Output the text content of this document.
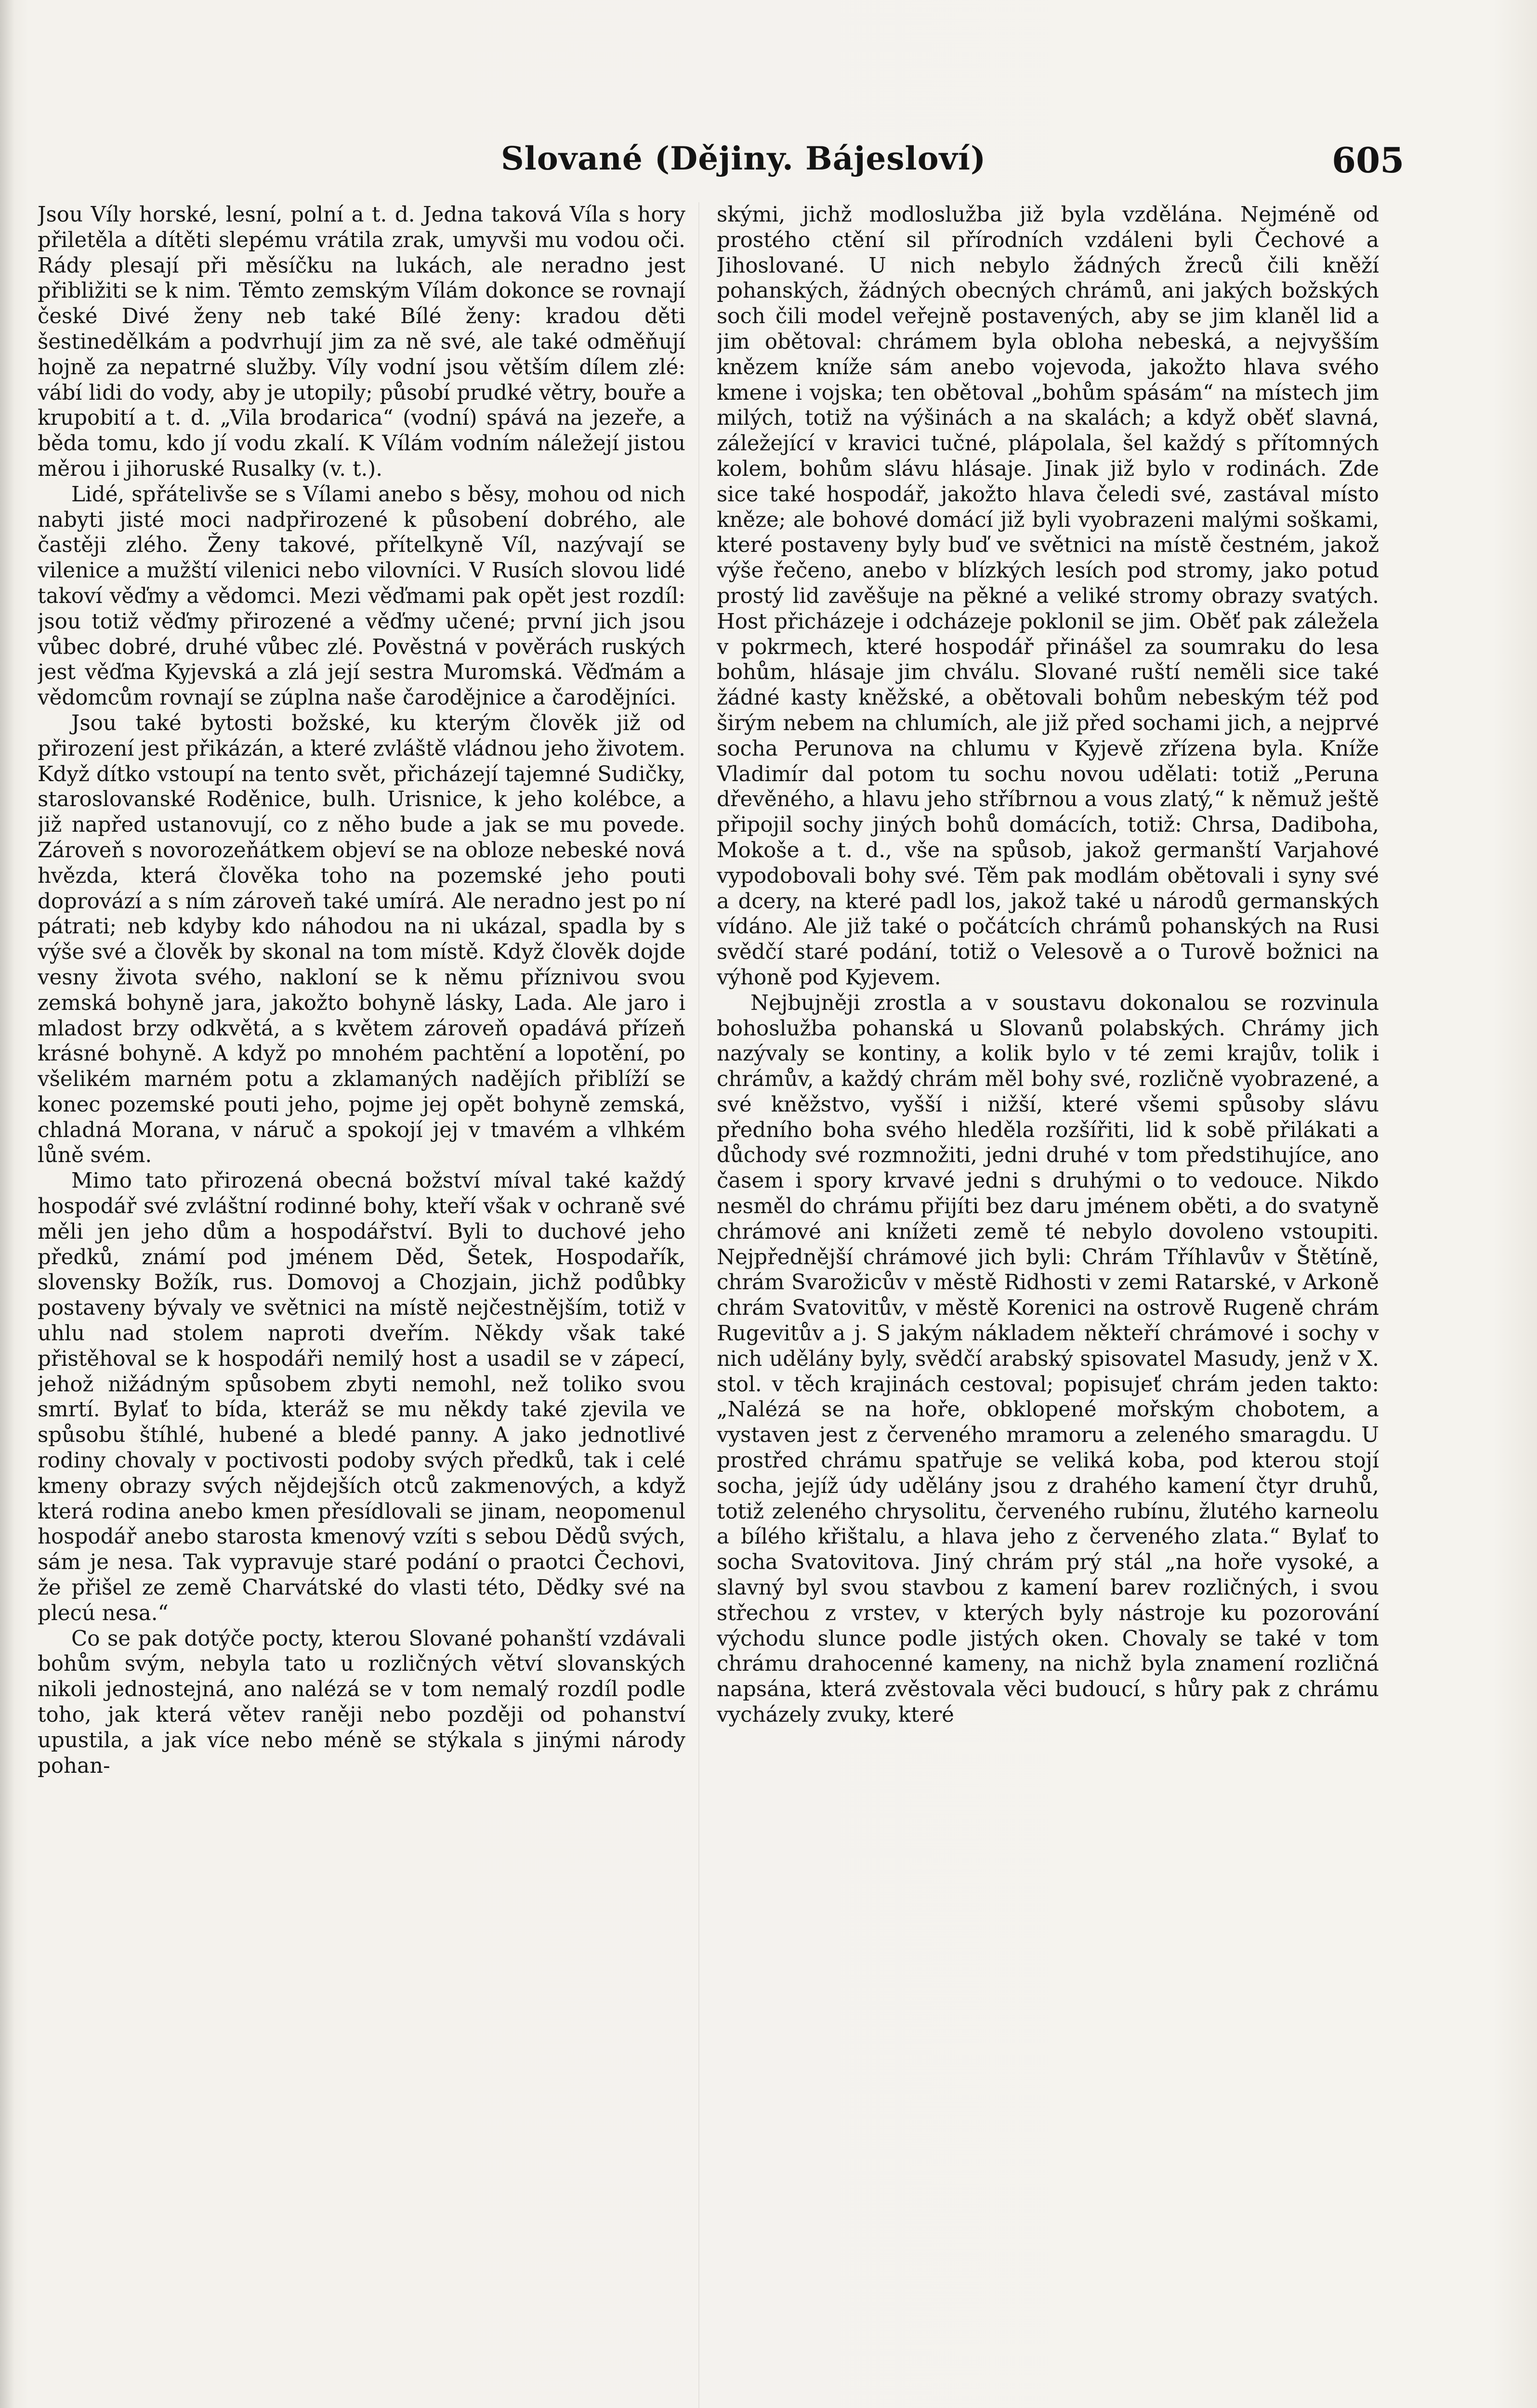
Slované (Dějiny. Bájesloví)	605

Jsou Víly horské, lesní, polní a t. d. Jedna taková Víla s hory přiletěla a dítěti slepému vrátila zrak, umyvši mu vodou oči. Rády plesají při měsíčku na lukách, ale neradno jest přibližiti se k nim. Těmto zemským Vílám dokonce se rovnají české Divé ženy neb také Bílé ženy: kradou děti šestinedělkám a podvrhují jim za ně své, ale také odměňují hojně za nepatrné služby. Víly vodní jsou větším dílem zlé: vábí lidi do vody, aby je utopily; působí prudké větry, bouře a krupobití a t. d. „Vila brodarica“ (vodní) spává na jezeře, a běda tomu, kdo jí vodu zkalí. K Vílám vodním náležejí jistou měrou i jihoruské Rusalky (v. t.).

Lidé, spřátelivše se s Vílami anebo s běsy, mohou od nich nabyti jisté moci nadpřirozené k působení dobrého, ale častěji zlého. Ženy takové, přítelkyně Víl, nazývají se vilenice a mužští vilenici nebo vilovníci. V Rusích slovou lidé takoví věďmy a vědomci. Mezi věďmami pak opět jest rozdíl: jsou totiž věďmy přirozené a věďmy učené; první jich jsou vůbec dobré, druhé vůbec zlé. Pověstná v pověrách ruských jest věďma Kyjevská a zlá její sestra Muromská. Věďmám a vědomcům rovnají se zúplna naše čarodějnice a čarodějníci.

Jsou také bytosti božské, ku kterým člověk již od přirození jest přikázán, a které zvláště vládnou jeho životem. Když dítko vstoupí na tento svět, přicházejí tajemné Sudičky, staroslovanské Roděnice, bulh. Urisnice, k jeho kolébce, a již napřed ustanovují, co z něho bude a jak se mu povede. Zároveň s novorozeňátkem objeví se na obloze nebeské nová hvězda, která člověka toho na pozemské jeho pouti doprovází a s ním zároveň také umírá. Ale neradno jest po ní pátrati; neb kdyby kdo náhodou na ni ukázal, spadla by s výše své a člověk by skonal na tom místě. Když člověk dojde vesny života svého, nakloní se k němu příznivou svou zemská bohyně jara, jakožto bohyně lásky, Lada. Ale jaro i mladost brzy odkvětá, a s květem zároveň opadává přízeň krásné bohyně. A když po mnohém pachtění a lopotění, po všelikém marném potu a zklamaných nadějích přiblíží se konec pozemské pouti jeho, pojme jej opět bohyně zemská, chladná Morana, v náruč a spokojí jej v tmavém a vlhkém lůně svém.

Mimo tato přirozená obecná božství míval také každý hospodář své zvláštní rodinné bohy, kteří však v ochraně své měli jen jeho dům a hospodářství. Byli to duchové jeho předků, známí pod jménem Děd, Šetek, Hospodařík, slovensky Božík, rus. Domovoj a Chozjain, jichž podůbky postaveny bývaly ve světnici na místě nejčestnějším, totiž v uhlu nad stolem naproti dveřím. Někdy však také přistěhoval se k hospodáři nemilý host a usadil se v zápecí, jehož nižádným spůsobem zbyti nemohl, než toliko svou smrtí. Bylať to bída, kteráž se mu někdy také zjevila ve spůsobu štíhlé, hubené a bledé panny. A jako jednotlivé rodiny chovaly v poctivosti podoby svých předků, tak i celé kmeny obrazy svých nějdejších otců zakmenových, a když která rodina anebo kmen přesídlovali se jinam, neopomenul hospodář anebo starosta kmenový vzíti s sebou Dědů svých, sám je nesa. Tak vypravuje staré podání o praotci Čechovi, že přišel ze země Charvátské do vlasti této, Dědky své na plecú nesa.“

Co se pak dotýče pocty, kterou Slované pohanští vzdávali bohům svým, nebyla tato u rozličných větví slovanských nikoli jednostejná, ano nalézá se v tom nemalý rozdíl podle toho, jak která větev raněji nebo později od pohanství upustila, a jak více nebo méně se stýkala s jinými národy pohan-

skými, jichž modloslužba již byla vzdělána. Nejméně od prostého ctění sil přírodních vzdáleni byli Čechové a Jihoslované. U nich nebylo žádných žreců čili kněží pohanských, žádných obecných chrámů, ani jakých božských soch čili model veřejně postavených, aby se jim klaněl lid a jim obětoval: chrámem byla obloha nebeská, a nejvyšším knězem kníže sám anebo vojevoda, jakožto hlava svého kmene i vojska; ten obětoval „bohům spásám“ na místech jim milých, totiž na výšinách a na skalách; a když oběť slavná, záležející v kravici tučné, plápolala, šel každý s přítomných kolem, bohům slávu hlásaje. Jinak již bylo v rodinách. Zde sice také hospodář, jakožto hlava čeledi své, zastával místo kněze; ale bohové domácí již byli vyobrazeni malými soškami, které postaveny byly buď ve světnici na místě čestném, jakož výše řečeno, anebo v blízkých lesích pod stromy, jako potud prostý lid zavěšuje na pěkné a veliké stromy obrazy svatých. Host přicházeje i odcházeje poklonil se jim. Oběť pak záležela v pokrmech, které hospodář přinášel za soumraku do lesa bohům, hlásaje jim chválu. Slované ruští neměli sice také žádné kasty kněžské, a obětovali bohům nebeským též pod širým nebem na chlumích, ale již před sochami jich, a nejprvé socha Perunova na chlumu v Kyjevě zřízena byla. Kníže Vladimír dal potom tu sochu novou udělati: totiž „Peruna dřevěného, a hlavu jeho stříbrnou a vous zlatý,“ k němuž ještě připojil sochy jiných bohů domácích, totiž: Chrsa, Dadiboha, Mokoše a t. d., vše na spůsob, jakož germanští Varjahové vypodobovali bohy své. Těm pak modlám obětovali i syny své a dcery, na které padl los, jakož také u národů germanských vídáno. Ale již také o počátcích chrámů pohanských na Rusi svědčí staré podání, totiž o Velesově a o Turově božnici na výhoně pod Kyjevem.

Nejbujněji zrostla a v soustavu dokonalou se rozvinula bohoslužba pohanská u Slovanů polabských. Chrámy jich nazývaly se kontiny, a kolik bylo v té zemi krajův, tolik i chrámův, a každý chrám měl bohy své, rozličně vyobrazené, a své kněžstvo, vyšší i nižší, které všemi spůsoby slávu předního boha svého hleděla rozšířiti, lid k sobě přilákati a důchody své rozmnožiti, jedni druhé v tom předstihujíce, ano časem i spory krvavé jedni s druhými o to vedouce. Nikdo nesměl do chrámu přijíti bez daru jménem oběti, a do svatyně chrámové ani knížeti země té nebylo dovoleno vstoupiti. Nejpřednější chrámové jich byli: Chrám Tříhlavův v Štětíně, chrám Svarožicův v městě Ridhosti v zemi Ratarské, v Arkoně chrám Svatovitův, v městě Korenici na ostrově Rugeně chrám Rugevitův a j. S jakým nákladem někteří chrámové i sochy v nich udělány byly, svědčí arabský spisovatel Masudy, jenž v X. stol. v těch krajinách cestoval; popisujeť chrám jeden takto: „Nalézá se na hoře, obklopené mořským chobotem, a vystaven jest z červeného mramoru a zeleného smaragdu. U prostřed chrámu spatřuje se veliká koba, pod kterou stojí socha, jejíž údy udělány jsou z drahého kamení čtyr druhů, totiž zeleného chrysolitu, červeného rubínu, žlutého karneolu a bílého křištalu, a hlava jeho z červeného zlata.“ Bylať to socha Svatovitova. Jiný chrám prý stál „na hoře vysoké, a slavný byl svou stavbou z kamení barev rozličných, i svou střechou z vrstev, v kterých byly nástroje ku pozorování východu slunce podle jistých oken. Chovaly se také v tom chrámu drahocenné kameny, na nichž byla znamení rozličná napsána, která zvěstovala věci budoucí, s hůry pak z chrámu vycházely zvuky, které
